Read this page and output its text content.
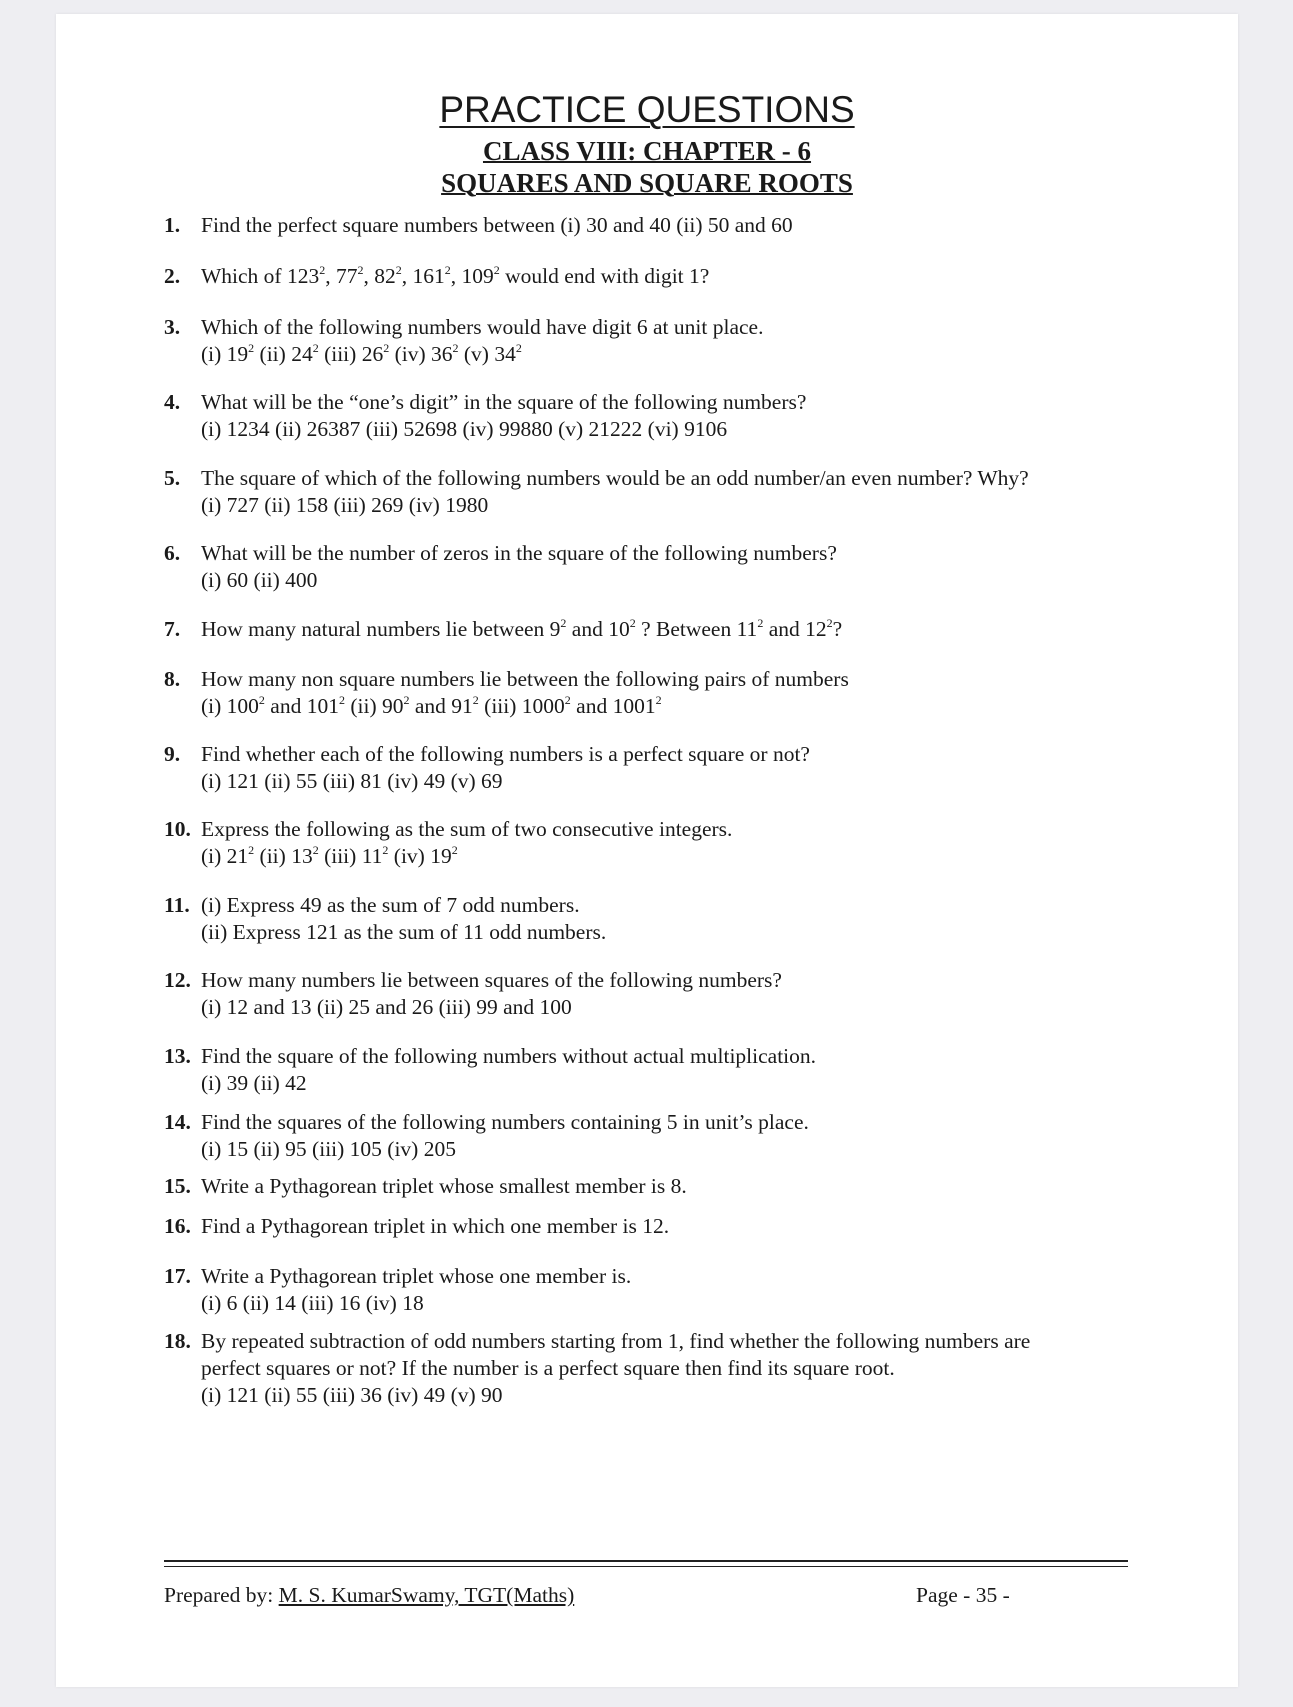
PRACTICE QUESTIONS
CLASS VIII: CHAPTER - 6
SQUARES AND SQUARE ROOTS
1. Find the perfect square numbers between (i) 30 and 40 (ii) 50 and 60
2. Which of $123^2$, $77^2$, $82^2$, $161^2$, $109^2$ would end with digit 1?
3. Which of the following numbers would have digit 6 at unit place.
(i) $19^2$ (ii) $24^2$ (iii) $26^2$ (iv) $36^2$ (v) $34^2$
4. What will be the “one’s digit” in the square of the following numbers?
(i) 1234 (ii) 26387 (iii) 52698 (iv) 99880 (v) 21222 (vi) 9106
5. The square of which of the following numbers would be an odd number/an even number? Why?
(i) 727 (ii) 158 (iii) 269 (iv) 1980
6. What will be the number of zeros in the square of the following numbers?
(i) 60 (ii) 400
7. How many natural numbers lie between $9^2$ and $10^2$ ? Between $11^2$ and $12^2$?
8. How many non square numbers lie between the following pairs of numbers
(i) $100^2$ and $101^2$ (ii) $90^2$ and $91^2$ (iii) 1000$^2$ and 1001$^2$
9. Find whether each of the following numbers is a perfect square or not?
(i) 121 (ii) 55 (iii) 81 (iv) 49 (v) 69
10. Express the following as the sum of two consecutive integers.
(i) $21^2$ (ii) $13^2$ (iii) $11^2$ (iv) $19^2$
11. (i) Express 49 as the sum of 7 odd numbers.
(ii) Express 121 as the sum of 11 odd numbers.
12. How many numbers lie between squares of the following numbers?
(i) 12 and 13 (ii) 25 and 26 (iii) 99 and 100
13. Find the square of the following numbers without actual multiplication.
(i) 39 (ii) 42
14. Find the squares of the following numbers containing 5 in unit’s place.
(i) 15 (ii) 95 (iii) 105 (iv) 205
15. Write a Pythagorean triplet whose smallest member is 8.
16. Find a Pythagorean triplet in which one member is 12.
17. Write a Pythagorean triplet whose one member is.
(i) 6 (ii) 14 (iii) 16 (iv) 18
18. By repeated subtraction of odd numbers starting from 1, find whether the following numbers are
perfect squares or not? If the number is a perfect square then find its square root.
(i) 121 (ii) 55 (iii) 36 (iv) 49 (v) 90
Prepared by: M. S. KumarSwamy, TGT(Maths)	Page - 35 -
